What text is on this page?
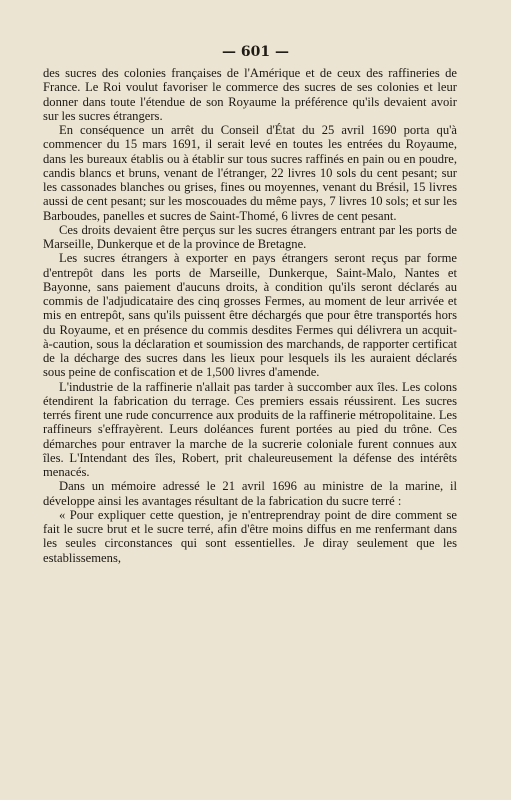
— 601 —

des sucres des colonies françaises de l'Amérique et de ceux des raffineries de France. Le Roi voulut favoriser le commerce des sucres de ses colonies et leur donner dans toute l'étendue de son Royaume la préférence qu'ils devaient avoir sur les sucres étrangers.

En conséquence un arrêt du Conseil d'État du 25 avril 1690 porta qu'à commencer du 15 mars 1691, il serait levé en toutes les entrées du Royaume, dans les bureaux établis ou à établir sur tous sucres raffinés en pain ou en poudre, candis blancs et bruns, venant de l'étranger, 22 livres 10 sols du cent pesant; sur les cassonades blanches ou grises, fines ou moyennes, venant du Brésil, 15 livres aussi de cent pesant; sur les moscouades du même pays, 7 livres 10 sols; et sur les Barboudes, panelles et sucres de Saint-Thomé, 6 livres de cent pesant.

Ces droits devaient être perçus sur les sucres étrangers entrant par les ports de Marseille, Dunkerque et de la province de Bretagne.

Les sucres étrangers à exporter en pays étrangers seront reçus par forme d'entrepôt dans les ports de Marseille, Dunkerque, Saint-Malo, Nantes et Bayonne, sans paiement d'aucuns droits, à condition qu'ils seront déclarés au commis de l'adjudicataire des cinq grosses Fermes, au moment de leur arrivée et mis en entrepôt, sans qu'ils puissent être déchargés que pour être transportés hors du Royaume, et en présence du commis desdites Fermes qui délivrera un acquit-à-caution, sous la déclaration et soumission des marchands, de rapporter certificat de la décharge des sucres dans les lieux pour lesquels ils les auraient déclarés sous peine de confiscation et de 1,500 livres d'amende.

L'industrie de la raffinerie n'allait pas tarder à succomber aux îles. Les colons étendirent la fabrication du terrage. Ces premiers essais réussirent. Les sucres terrés firent une rude concurrence aux produits de la raffinerie métropolitaine. Les raffineurs s'effrayèrent. Leurs doléances furent portées au pied du trône. Ces démarches pour entraver la marche de la sucrerie coloniale furent connues aux îles. L'Intendant des îles, Robert, prit chaleureusement la défense des intérêts menacés.

Dans un mémoire adressé le 21 avril 1696 au ministre de la marine, il développe ainsi les avantages résultant de la fabrication du sucre terré :

« Pour expliquer cette question, je n'entreprendray point de dire comment se fait le sucre brut et le sucre terré, afin d'être moins diffus en me renfermant dans les seules circonstances qui sont essentielles. Je diray seulement que les establissemens,
